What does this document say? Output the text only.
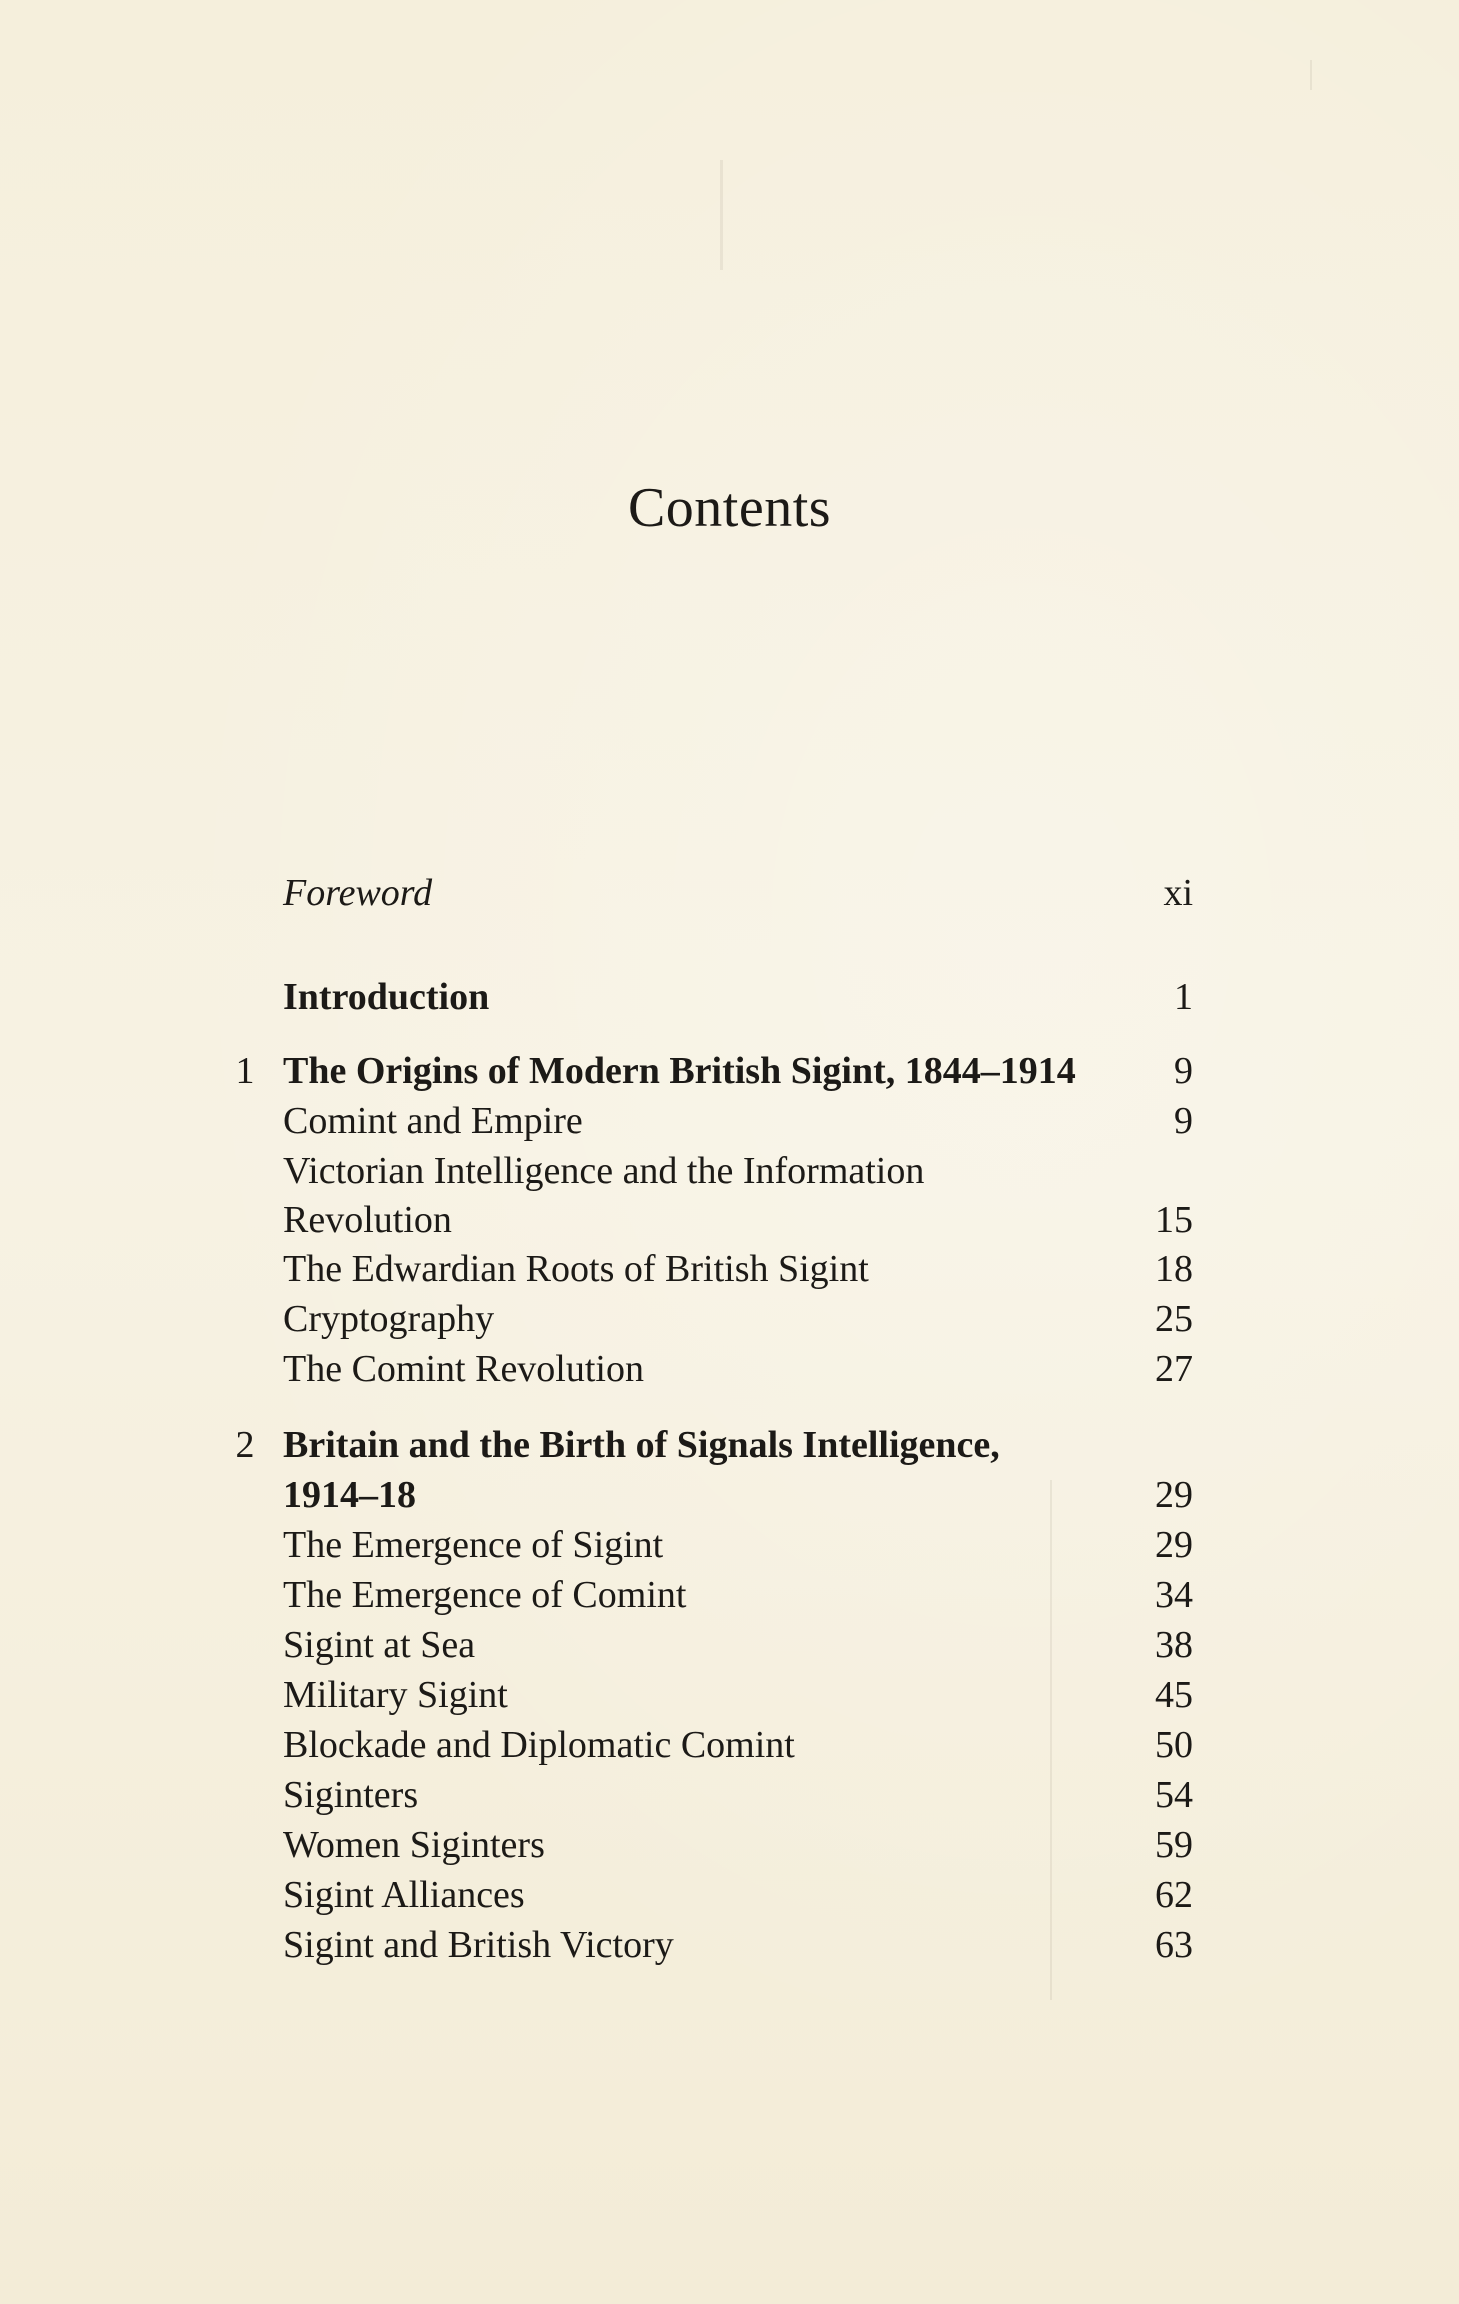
Contents
Foreword	xi
Introduction	1
1 The Origins of Modern British Sigint, 1844–1914	9
Comint and Empire	9
Victorian Intelligence and the Information
Revolution	15
The Edwardian Roots of British Sigint	18
Cryptography	25
The Comint Revolution	27
2 Britain and the Birth of Signals Intelligence,
1914–18	29
The Emergence of Sigint	29
The Emergence of Comint	34
Sigint at Sea	38
Military Sigint	45
Blockade and Diplomatic Comint	50
Siginters	54
Women Siginters	59
Sigint Alliances	62
Sigint and British Victory	63
